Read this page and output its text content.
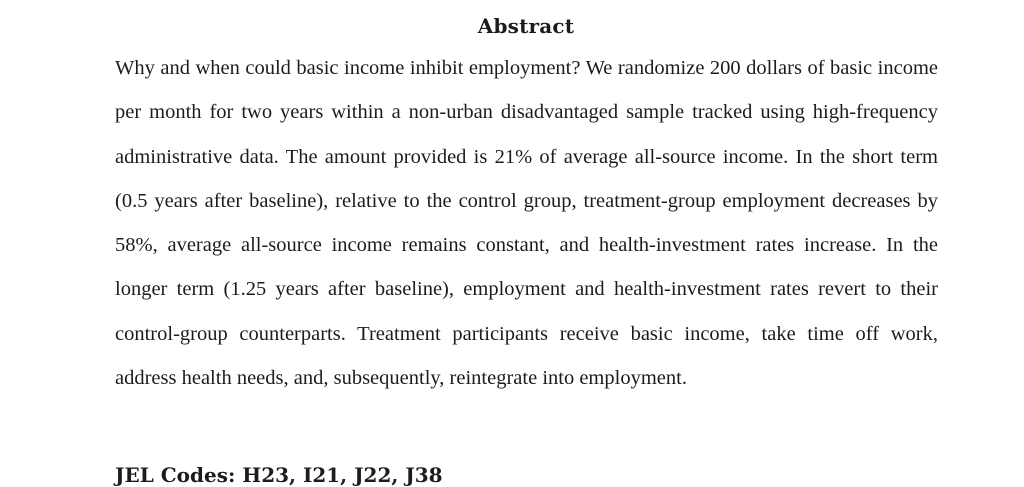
Abstract

Why and when could basic income inhibit employment? We randomize 200 dollars of basic income per month for two years within a non-urban disadvantaged sample tracked using high-frequency administrative data. The amount provided is 21% of average all-source income. In the short term (0.5 years after baseline), relative to the control group, treatment-group employment decreases by 58%, average all-source income remains constant, and health-investment rates increase. In the longer term (1.25 years after baseline), employment and health-investment rates revert to their control-group counterparts. Treatment participants receive basic income, take time off work, address health needs, and, subsequently, reintegrate into employment.

JEL Codes: H23, I21, J22, J38
